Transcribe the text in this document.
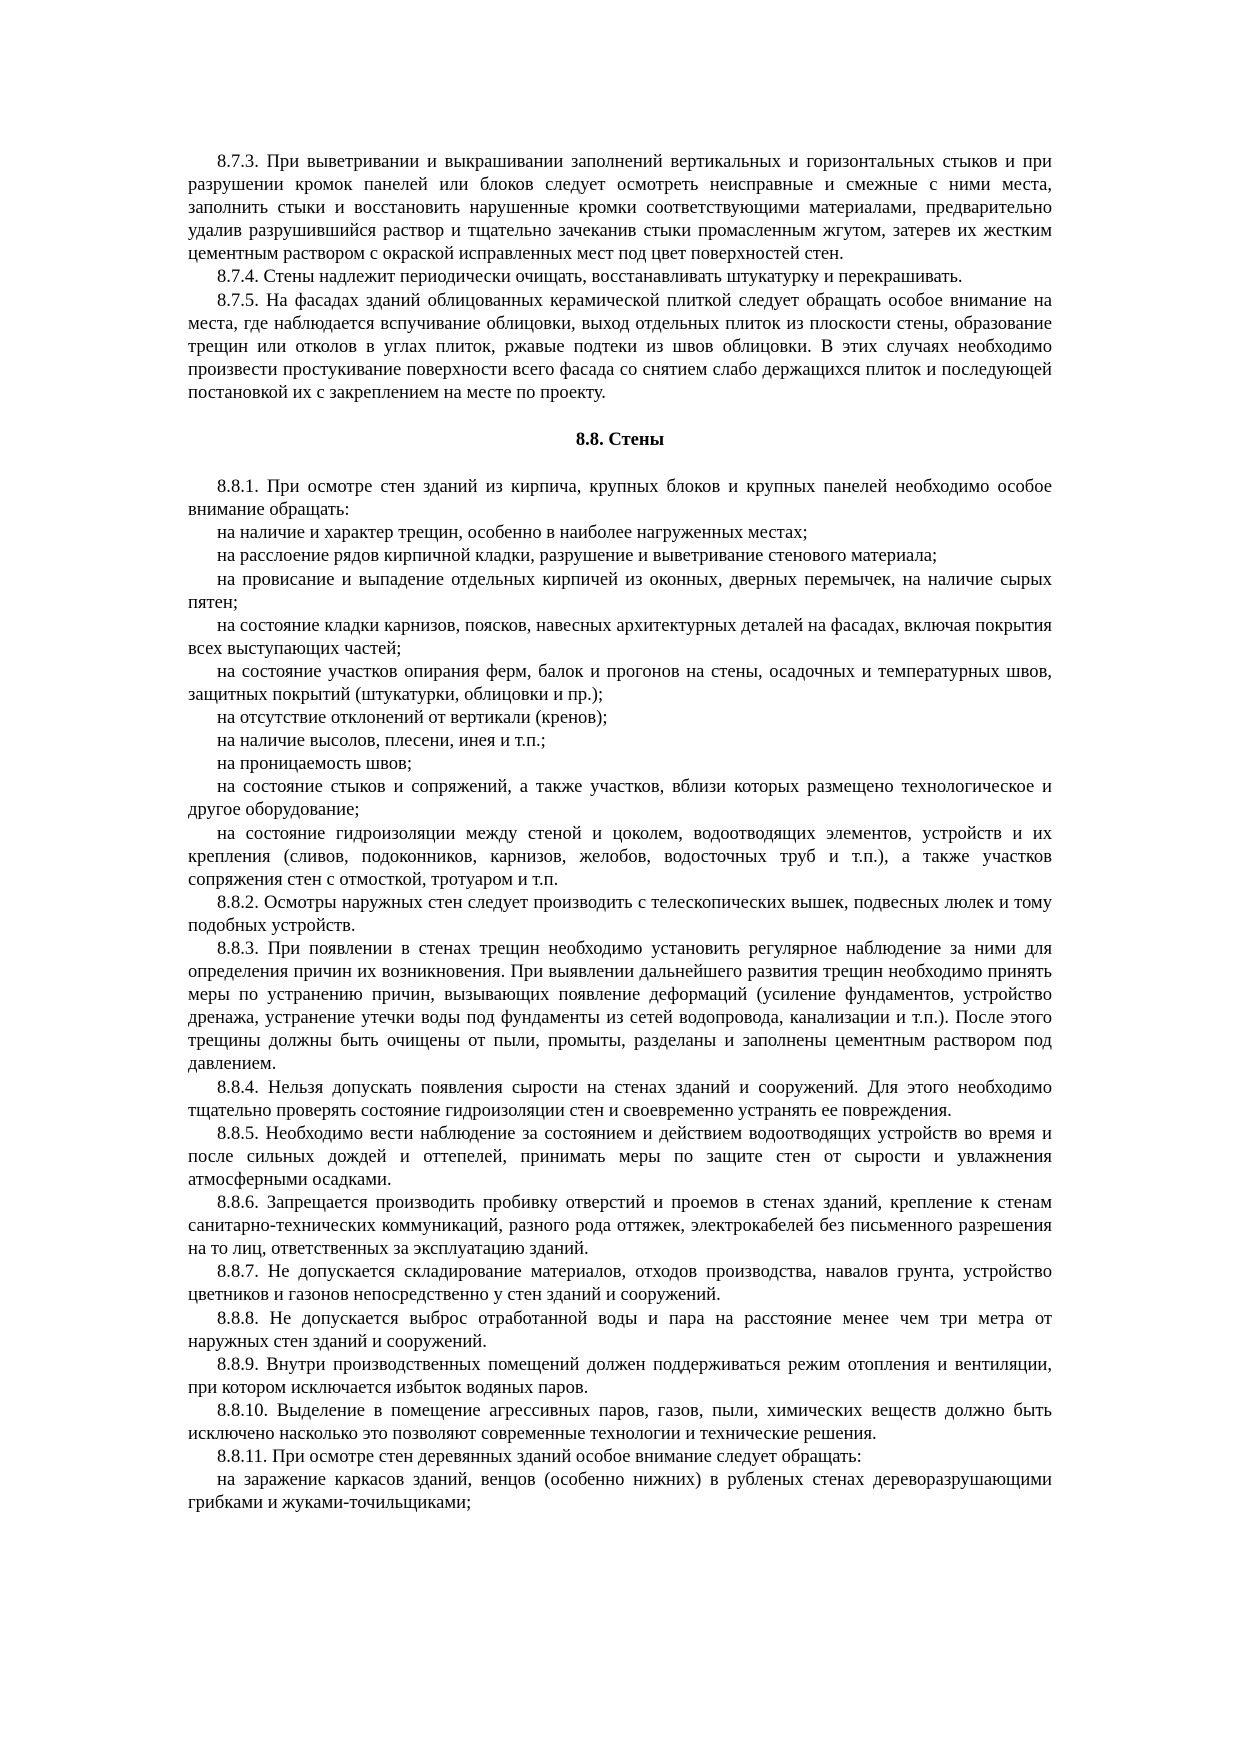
8.7.3. При выветривании и выкрашивании заполнений вертикальных и горизонтальных стыков и при разрушении кромок панелей или блоков следует осмотреть неисправные и смежные с ними места, заполнить стыки и восстановить нарушенные кромки соответствующими материалами, предварительно удалив разрушившийся раствор и тщательно зачеканив стыки промасленным жгутом, затерев их жестким цементным раствором с окраской исправленных мест под цвет поверхностей стен.

8.7.4. Стены надлежит периодически очищать, восстанавливать штукатурку и перекрашивать.

8.7.5. На фасадах зданий облицованных керамической плиткой следует обращать особое внимание на места, где наблюдается вспучивание облицовки, выход отдельных плиток из плоскости стены, образование трещин или отколов в углах плиток, ржавые подтеки из швов облицовки. В этих случаях необходимо произвести простукивание поверхности всего фасада со снятием слабо держащихся плиток и последующей постановкой их с закреплением на месте по проекту.

8.8. Стены

8.8.1. При осмотре стен зданий из кирпича, крупных блоков и крупных панелей необходимо особое внимание обращать:

на наличие и характер трещин, особенно в наиболее нагруженных местах;

на расслоение рядов кирпичной кладки, разрушение и выветривание стенового материала;

на провисание и выпадение отдельных кирпичей из оконных, дверных перемычек, на наличие сырых пятен;

на состояние кладки карнизов, поясков, навесных архитектурных деталей на фасадах, включая покрытия всех выступающих частей;

на состояние участков опирания ферм, балок и прогонов на стены, осадочных и температурных швов, защитных покрытий (штукатурки, облицовки и пр.);

на отсутствие отклонений от вертикали (кренов);

на наличие высолов, плесени, инея и т.п.;

на проницаемость швов;

на состояние стыков и сопряжений, а также участков, вблизи которых размещено технологическое и другое оборудование;

на состояние гидроизоляции между стеной и цоколем, водоотводящих элементов, устройств и их крепления (сливов, подоконников, карнизов, желобов, водосточных труб и т.п.), а также участков сопряжения стен с отмосткой, тротуаром и т.п.

8.8.2. Осмотры наружных стен следует производить с телескопических вышек, подвесных люлек и тому подобных устройств.

8.8.3. При появлении в стенах трещин необходимо установить регулярное наблюдение за ними для определения причин их возникновения. При выявлении дальнейшего развития трещин необходимо принять меры по устранению причин, вызывающих появление деформаций (усиление фундаментов, устройство дренажа, устранение утечки воды под фундаменты из сетей водопровода, канализации и т.п.). После этого трещины должны быть очищены от пыли, промыты, разделаны и заполнены цементным раствором под давлением.

8.8.4. Нельзя допускать появления сырости на стенах зданий и сооружений. Для этого необходимо тщательно проверять состояние гидроизоляции стен и своевременно устранять ее повреждения.

8.8.5. Необходимо вести наблюдение за состоянием и действием водоотводящих устройств во время и после сильных дождей и оттепелей, принимать меры по защите стен от сырости и увлажнения атмосферными осадками.

8.8.6. Запрещается производить пробивку отверстий и проемов в стенах зданий, крепление к стенам санитарно-технических коммуникаций, разного рода оттяжек, электрокабелей без письменного разрешения на то лиц, ответственных за эксплуатацию зданий.

8.8.7. Не допускается складирование материалов, отходов производства, навалов грунта, устройство цветников и газонов непосредственно у стен зданий и сооружений.

8.8.8. Не допускается выброс отработанной воды и пара на расстояние менее чем три метра от наружных стен зданий и сооружений.

8.8.9. Внутри производственных помещений должен поддерживаться режим отопления и вентиляции, при котором исключается избыток водяных паров.

8.8.10. Выделение в помещение агрессивных паров, газов, пыли, химических веществ должно быть исключено насколько это позволяют современные технологии и технические решения.

8.8.11. При осмотре стен деревянных зданий особое внимание следует обращать:

на заражение каркасов зданий, венцов (особенно нижних) в рубленых стенах дереворазрушающими грибками и жуками-точильщиками;
